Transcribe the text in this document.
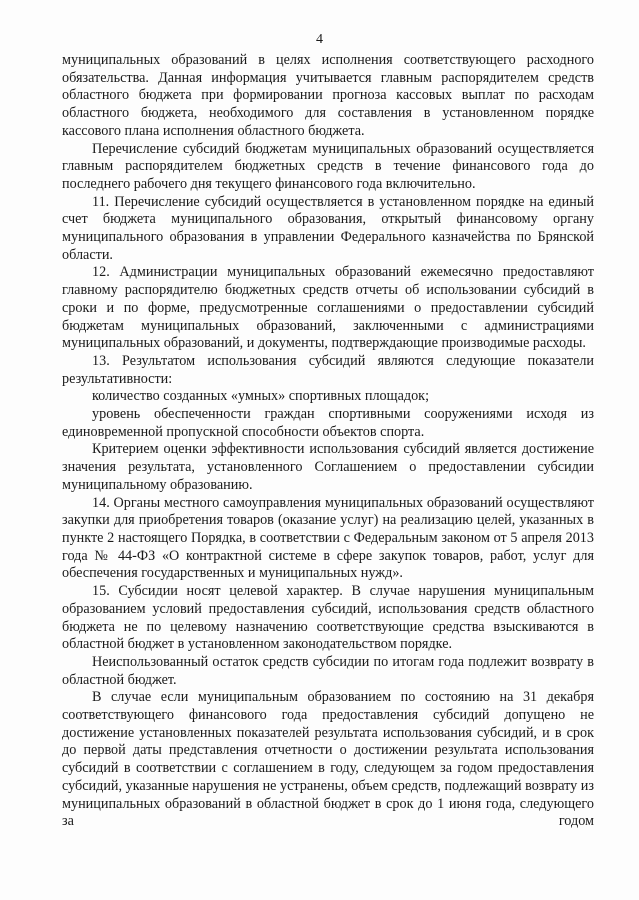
4

муниципальных образований в целях исполнения соответствующего расходного обязательства. Данная информация учитывается главным распорядителем средств областного бюджета при формировании прогноза кассовых выплат по расходам областного бюджета, необходимого для составления в установленном порядке кассового плана исполнения областного бюджета.

Перечисление субсидий бюджетам муниципальных образований осуществляется главным распорядителем бюджетных средств в течение финансового года до последнего рабочего дня текущего финансового года включительно.

11. Перечисление субсидий осуществляется в установленном порядке на единый счет бюджета муниципального образования, открытый финансовому органу муниципального образования в управлении Федерального казначейства по Брянской области.

12. Администрации муниципальных образований ежемесячно предоставляют главному распорядителю бюджетных средств отчеты об использовании субсидий в сроки и по форме, предусмотренные соглашениями о предоставлении субсидий бюджетам муниципальных образований, заключенными с администрациями муниципальных образований, и документы, подтверждающие производимые расходы.

13. Результатом использования субсидий являются следующие показатели результативности:

количество созданных «умных» спортивных площадок;

уровень обеспеченности граждан спортивными сооружениями исходя из единовременной пропускной способности объектов спорта.

Критерием оценки эффективности использования субсидий является достижение значения результата, установленного Соглашением о предоставлении субсидии муниципальному образованию.

14. Органы местного самоуправления муниципальных образований осуществляют закупки для приобретения товаров (оказание услуг) на реализацию целей, указанных в пункте 2 настоящего Порядка, в соответствии с Федеральным законом от 5 апреля 2013 года № 44-ФЗ «О контрактной системе в сфере закупок товаров, работ, услуг для обеспечения государственных и муниципальных нужд».

15. Субсидии носят целевой характер. В случае нарушения муниципальным образованием условий предоставления субсидий, использования средств областного бюджета не по целевому назначению соответствующие средства взыскиваются в областной бюджет в установленном законодательством порядке.

Неиспользованный остаток средств субсидии по итогам года подлежит возврату в областной бюджет.

В случае если муниципальным образованием по состоянию на 31 декабря соответствующего финансового года предоставления субсидий допущено не достижение установленных показателей результата использования субсидий, и в срок до первой даты представления отчетности о достижении результата использования субсидий в соответствии с соглашением в году, следующем за годом предоставления субсидий, указанные нарушения не устранены, объем средств, подлежащий возврату из муниципальных образований в областной бюджет в срок до 1 июня года, следующего за годом
